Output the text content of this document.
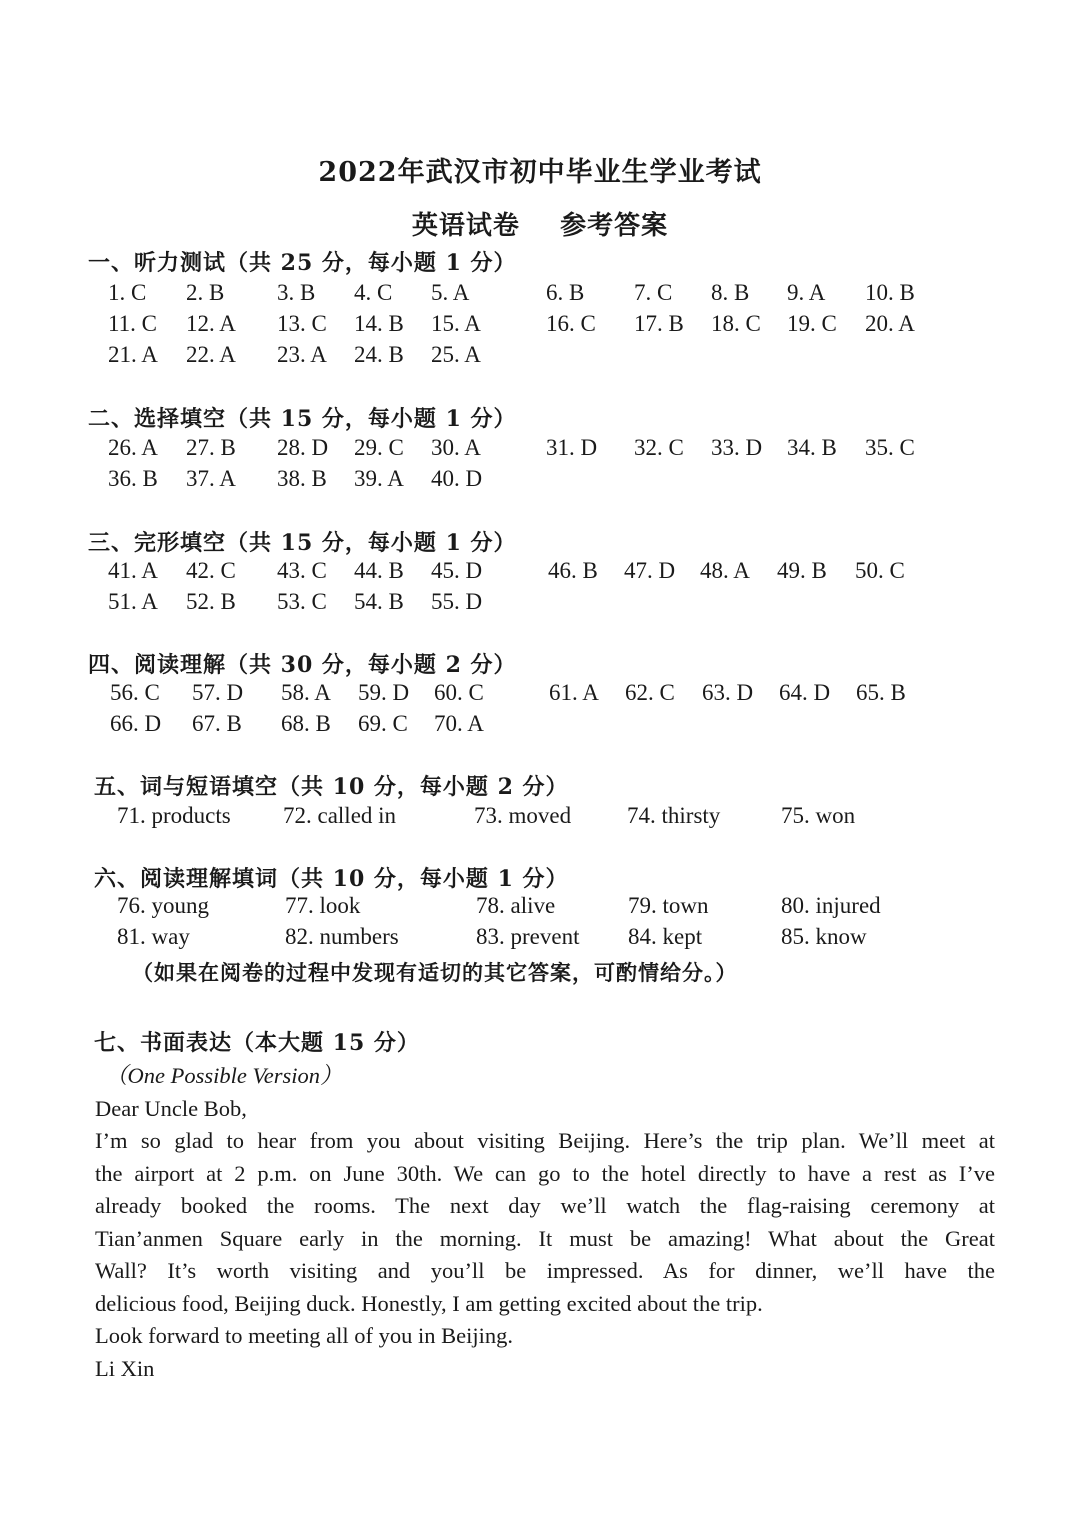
2022年武汉市初中毕业生学业考试
英语试卷    参考答案
一、听力测试（共 25 分，每小题 1 分）
1. C 2. B 3. B 4. C 5. A	6. B 7. C 8. B 9. A 10. B
11. C 12. A 13. C 14. B 15. A	16. C 17. B 18. C 19. C 20. A
21. A 22. A 23. A 24. B 25. A
二、选择填空（共 15 分，每小题 1 分）
26. A 27. B 28. D 29. C 30. A	31. D 32. C 33. D 34. B 35. C
36. B 37. A 38. B 39. A 40. D
三、完形填空（共 15 分，每小题 1 分）
41. A 42. C 43. C 44. B 45. D	46. B 47. D 48. A 49. B 50. C
51. A 52. B 53. C 54. B 55. D
四、阅读理解（共 30 分，每小题 2 分）
56. C 57. D 58. A 59. D 60. C	61. A 62. C 63. D 64. D 65. B
66. D 67. B 68. B 69. C 70. A
五、词与短语填空（共 10 分，每小题 2 分）
71. products 72. called in	73. moved 74. thirsty	75. won
六、阅读理解填词（共 10 分，每小题 1 分）
76. young	77. look	78. alive	79. town	80. injured
81. way	82. numbers	83. prevent 84. kept	85. know
（如果在阅卷的过程中发现有适切的其它答案，可酌情给分。）
七、书面表达（本大题 15 分）
（One Possible Version）
Dear Uncle Bob,
I’m so glad to hear from you about visiting Beijing. Here’s the trip plan. We’ll meet at
the airport at 2 p.m. on June 30th. We can go to the hotel directly to have a rest as I’ve
already booked the rooms. The next day we’ll watch the flag-raising ceremony at
Tian’anmen Square early in the morning. It must be amazing! What about the Great
Wall? It’s worth visiting and you’ll be impressed. As for dinner, we’ll have the
delicious food, Beijing duck. Honestly, I am getting excited about the trip.
Look forward to meeting all of you in Beijing.
Li Xin
